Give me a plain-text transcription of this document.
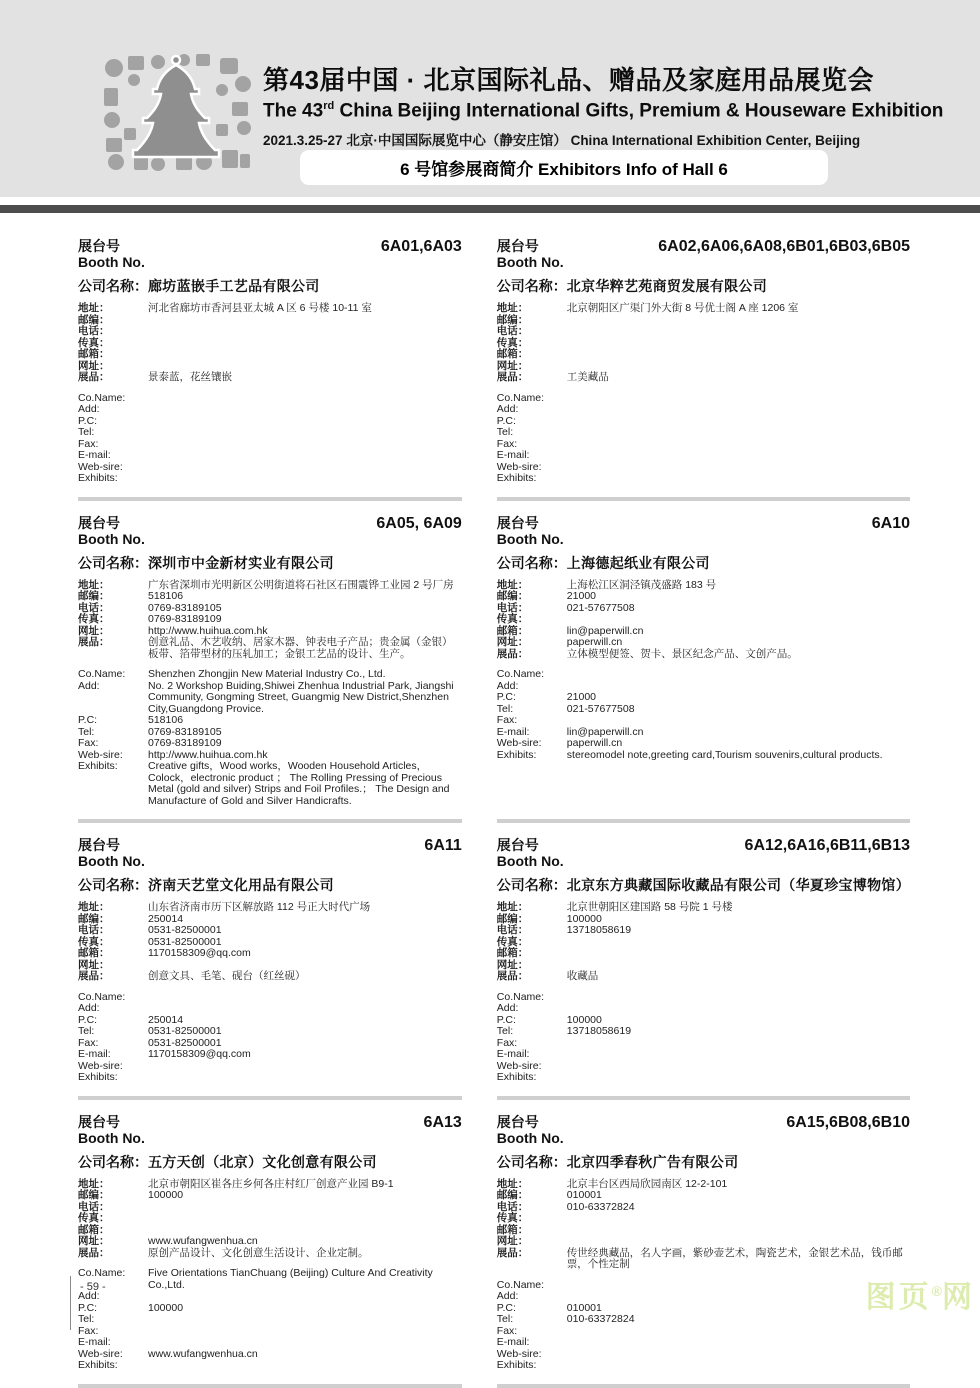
第43届中国 · 北京国际礼品、赠品及家庭用品展览会
The 43rd China Beijing International Gifts, Premium & Houseware Exhibition
2021.3.25-27 北京·中国国际展览中心（静安庄馆） China International Exhibition Center, Beijing
6 号馆参展商简介 Exhibitors Info of Hall 6
展台号	6A01,6A03
Booth No.
公司名称： 廊坊蓝嵌手工艺品有限公司
地址：	河北省廊坊市香河县亚太城 A 区 6 号楼 10-11 室
邮编：
电话：
传真：
邮箱：
网址：
展品：	景泰蓝，花丝镶嵌
Co.Name:
Add:
P.C:
Tel:
Fax:
E-mail:
Web-sire:
Exhibits:
展台号	6A02,6A06,6A08,6B01,6B03,6B05
Booth No.
公司名称： 北京华粹艺苑商贸发展有限公司
地址：	北京朝阳区广渠门外大街 8 号优士阁 A 座 1206 室
邮编：
电话：
传真：
邮箱：
网址：
展品：	工美藏品
Co.Name:
Add:
P.C:
Tel:
Fax:
E-mail:
Web-sire:
Exhibits:
展台号	6A05, 6A09
Booth No.
公司名称： 深圳市中金新材实业有限公司
地址：	广东省深圳市光明新区公明街道将石社区石围震铧工业园 2 号厂房
邮编：	518106
电话：	0769-83189105
传真：	0769-83189109
网址：	http://www.huihua.com.hk
展品：	创意礼品、木艺收纳、居家木器、钟表电子产品；贵金属（金银）板带、箔带型材的压轧加工；金银工艺品的设计、生产。
Co.Name:	Shenzhen Zhongjin New Material Industry Co., Ltd.
Add:	No. 2 Workshop Buiding,Shiwei Zhenhua Industrial Park, Jiangshi Community, Gongming Street, Guangmig New District,Shenzhen City,Guangdong Provice.
P.C:	518106
Tel:	0769-83189105
Fax:	0769-83189109
Web-sire:	http://www.huihua.com.hk
Exhibits:	Creative gifts，Wood works，Wooden Household Articles，Colock，electronic product ； The Rolling Pressing of Precious Metal (gold and silver) Strips and Foil Profiles.； The Design and Manufacture of Gold and Silver Handicrafts.
展台号	6A10
Booth No.
公司名称： 上海德起纸业有限公司
地址：	上海松江区洞泾镇茂盛路 183 号
邮编：	21000
电话：	021-57677508
传真：
邮箱：	lin@paperwill.cn
网址：	paperwill.cn
展品：	立体模型便签、贺卡、景区纪念产品、文创产品。
Co.Name:
Add:
P.C:	21000
Tel:	021-57677508
Fax:
E-mail:	lin@paperwill.cn
Web-sire:	paperwill.cn
Exhibits:	stereomodel note,greeting card,Tourism souvenirs,cultural products.
展台号	6A11
Booth No.
公司名称： 济南天艺堂文化用品有限公司
地址：	山东省济南市历下区解放路 112 号正大时代广场
邮编：	250014
电话：	0531-82500001
传真：	0531-82500001
邮箱：	1170158309@qq.com
网址：
展品：	创意文具、毛笔、砚台（红丝砚）
Co.Name:
Add:
P.C:	250014
Tel:	0531-82500001
Fax:	0531-82500001
E-mail:	1170158309@qq.com
Web-sire:
Exhibits:
展台号	6A12,6A16,6B11,6B13
Booth No.
公司名称： 北京东方典藏国际收藏品有限公司（华夏珍宝博物馆）
地址：	北京世朝阳区建国路 58 号院 1 号楼
邮编：	100000
电话：	13718058619
传真：
邮箱：
网址：
展品：	收藏品
Co.Name:
Add:
P.C:	100000
Tel:	13718058619
Fax:
E-mail:
Web-sire:
Exhibits:
展台号	6A13
Booth No.
公司名称： 五方天创（北京）文化创意有限公司
地址：	北京市朝阳区崔各庄乡何各庄村红厂创意产业园 B9-1
邮编：	100000
电话：
传真：
邮箱：
网址：	www.wufangwenhua.cn
展品：	原创产品设计、文化创意生活设计、企业定制。
Co.Name:	Five Orientations TianChuang (Beijing) Culture And Creativity Co.,Ltd.
Add:
P.C:	100000
Tel:
Fax:
E-mail:
Web-sire:	www.wufangwenhua.cn
Exhibits:
展台号	6A15,6B08,6B10
Booth No.
公司名称： 北京四季春秋广告有限公司
地址：	北京丰台区西局欣园南区 12-2-101
邮编：	010001
电话：	010-63372824
传真：
邮箱：
网址：
展品：	传世经典藏品，名人字画，紫砂壶艺术，陶瓷艺术，金银艺术品，钱币邮票，个性定制
Co.Name:
Add:
P.C:	010001
Tel:	010-63372824
Fax:
E-mail:
Web-sire:
Exhibits:
- 59 -	图页®网
